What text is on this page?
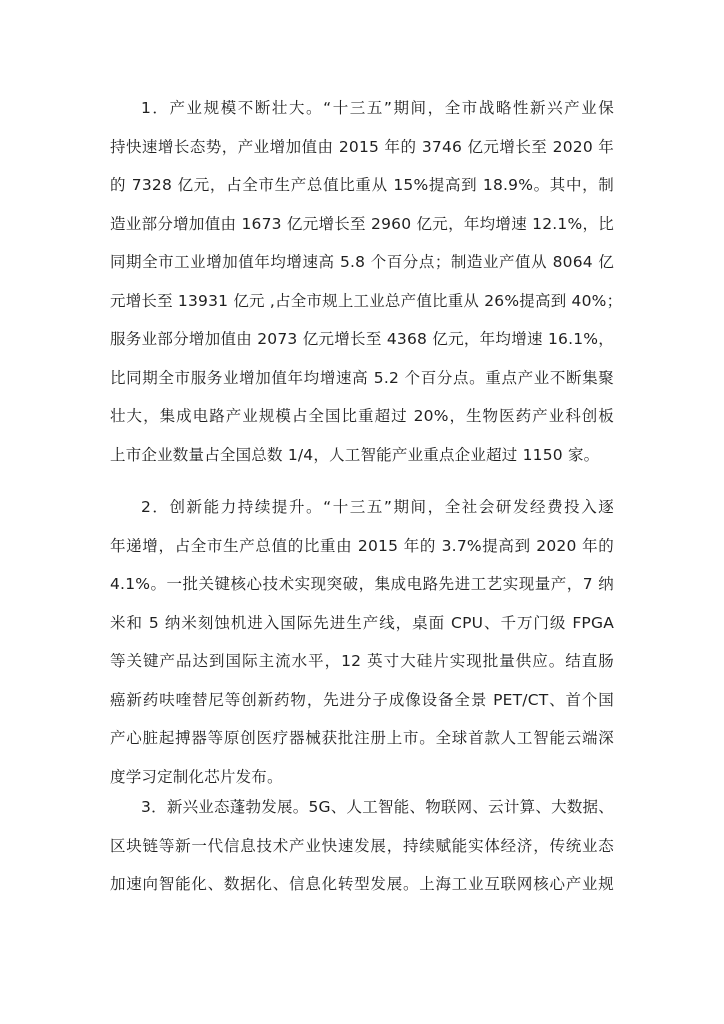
1．产业规模不断壮大。“十三五”期间，全市战略性新兴产业保
持快速增长态势，产业增加值由 2015 年的 3746 亿元增长至 2020 年
的 7328 亿元，占全市生产总值比重从 15%提高到 18.9%。其中，制
造业部分增加值由 1673 亿元增长至 2960 亿元，年均增速 12.1%，比
同期全市工业增加值年均增速高 5.8 个百分点；制造业产值从 8064 亿
元增长至 13931 亿元 ,占全市规上工业总产值比重从 26%提高到 40%；
服务业部分增加值由 2073 亿元增长至 4368 亿元，年均增速 16.1%，
比同期全市服务业增加值年均增速高 5.2 个百分点。重点产业不断集聚
壮大，集成电路产业规模占全国比重超过 20%，生物医药产业科创板
上市企业数量占全国总数 1/4，人工智能产业重点企业超过 1150 家。
2．创新能力持续提升。“十三五”期间，全社会研发经费投入逐
年递增，占全市生产总值的比重由 2015 年的 3.7%提高到 2020 年的
4.1%。一批关键核心技术实现突破，集成电路先进工艺实现量产，7 纳
米和 5 纳米刻蚀机进入国际先进生产线，桌面 CPU、千万门级 FPGA
等关键产品达到国际主流水平，12 英寸大硅片实现批量供应。结直肠
癌新药呋喹替尼等创新药物，先进分子成像设备全景 PET/CT、首个国
产心脏起搏器等原创医疗器械获批注册上市。全球首款人工智能云端深
度学习定制化芯片发布。
3．新兴业态蓬勃发展。5G、人工智能、物联网、云计算、大数据、
区块链等新一代信息技术产业快速发展，持续赋能实体经济，传统业态
加速向智能化、数据化、信息化转型发展。上海工业互联网核心产业规
